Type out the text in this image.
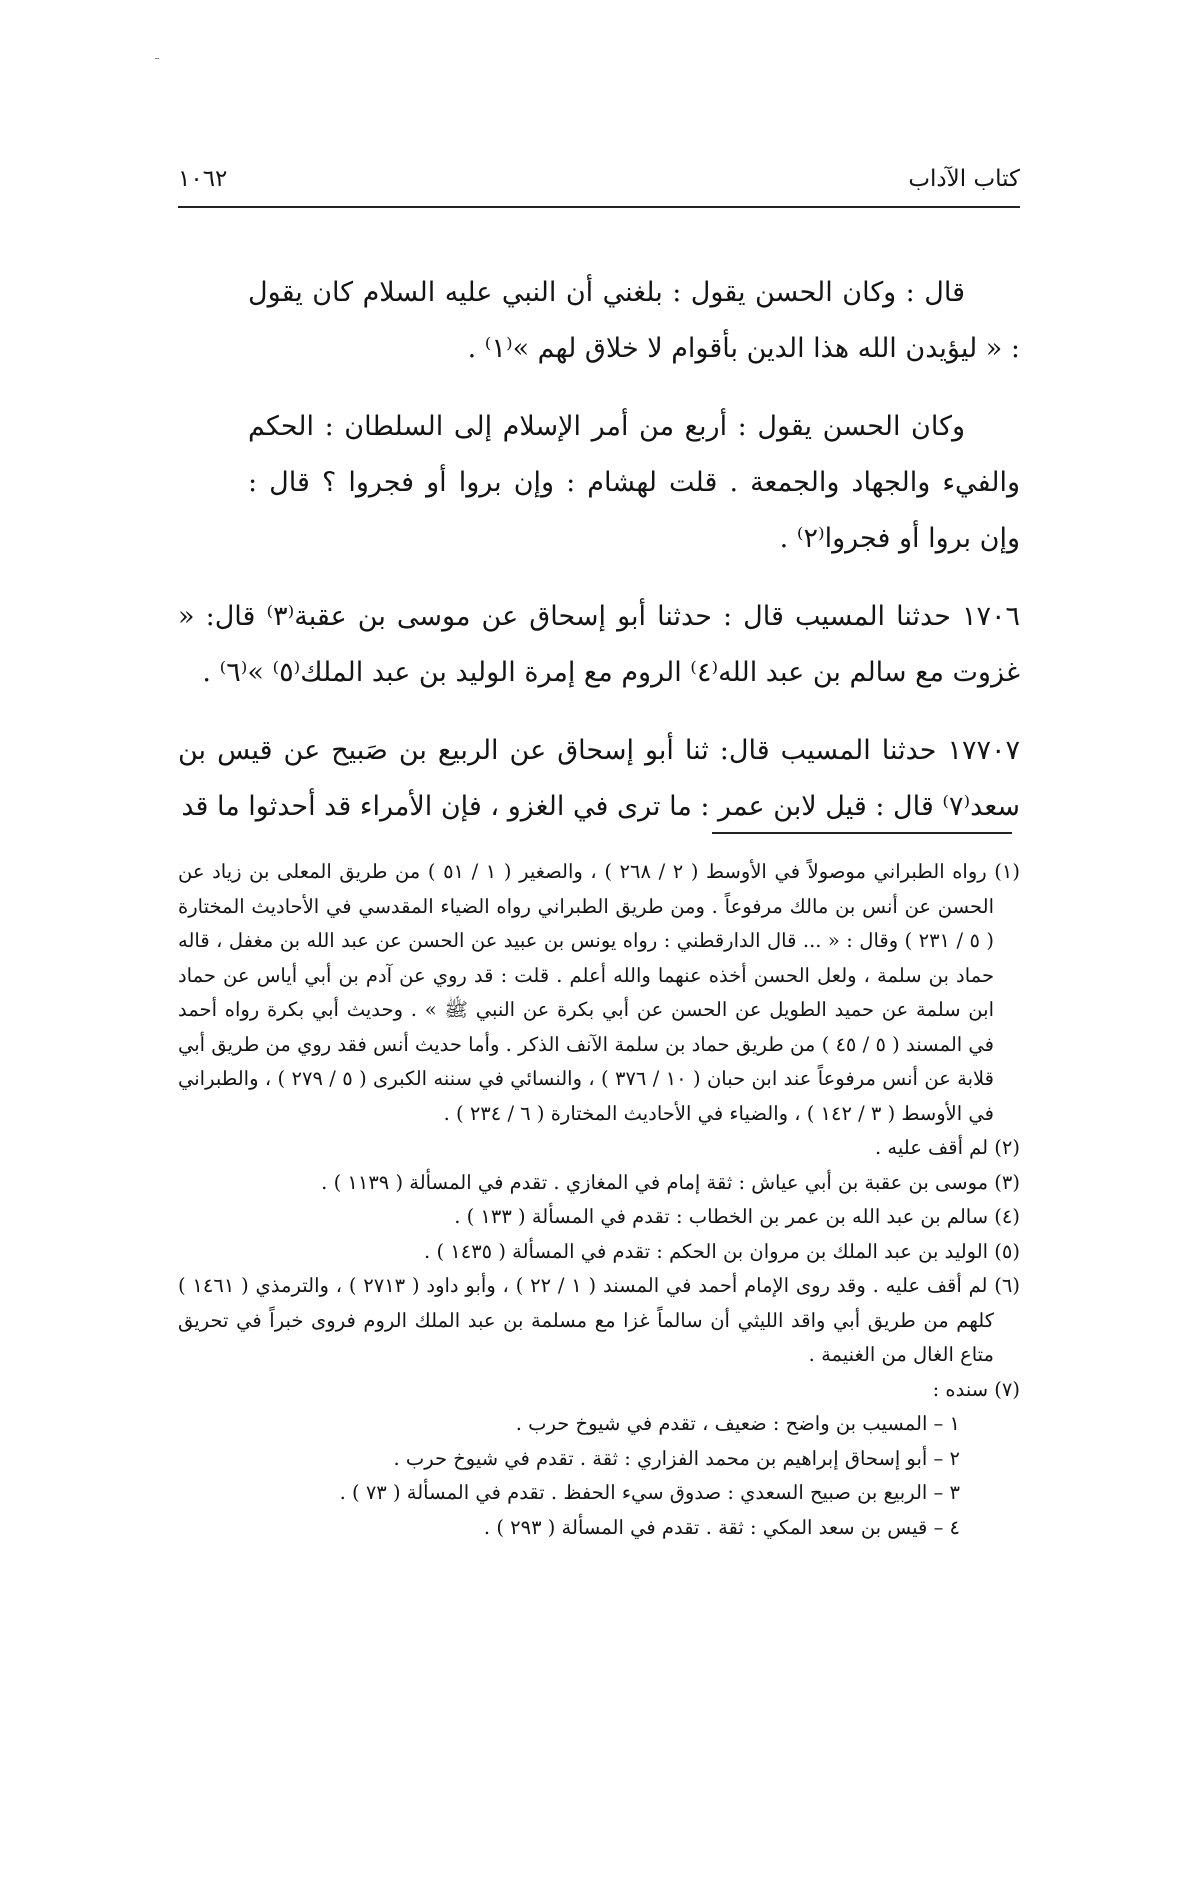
كتاب الآداب
١٠٦٢

قال : وكان الحسن يقول : بلغني أن النبي عليه السلام كان يقول : « ليؤيدن الله هذا الدين بأقوام لا خلاق لهم »⁽١⁾ .

وكان الحسن يقول : أربع من أمر الإسلام إلى السلطان : الحكم والفيء والجهاد والجمعة . قلت لهشام : وإن بروا أو فجروا ؟ قال : وإن بروا أو فجروا⁽٢⁾ .

١٧٠٦ حدثنا المسيب قال : حدثنا أبو إسحاق عن موسى بن عقبة⁽٣⁾ قال: « غزوت مع سالم بن عبد الله⁽٤⁾ الروم مع إمرة الوليد بن عبد الملك⁽٥⁾ »⁽٦⁾ .

١٧٧٠٧ حدثنا المسيب قال: ثنا أبو إسحاق عن الربيع بن صَبيح عن قيس بن سعد⁽٧⁾ قال : قيل لابن عمر : ما ترى في الغزو ، فإن الأمراء قد أحدثوا ما قد

(١) رواه الطبراني موصولاً في الأوسط ( ٢ / ٢٦٨ ) ، والصغير ( ١ / ٥١ ) من طريق المعلى بن زياد عن الحسن عن أنس بن مالك مرفوعاً . ومن طريق الطبراني رواه الضياء المقدسي في الأحاديث المختارة ( ٥ / ٢٣١ ) وقال : « ... قال الدارقطني : رواه يونس بن عبيد عن الحسن عن عبد الله بن مغفل ، قاله حماد بن سلمة ، ولعل الحسن أخذه عنهما والله أعلم . قلت : قد روي عن آدم بن أبي أياس عن حماد ابن سلمة عن حميد الطويل عن الحسن عن أبي بكرة عن النبي ﷺ » . وحديث أبي بكرة رواه أحمد في المسند ( ٥ / ٤٥ ) من طريق حماد بن سلمة الآنف الذكر . وأما حديث أنس فقد روي من طريق أبي قلابة عن أنس مرفوعاً عند ابن حبان ( ١٠ / ٣٧٦ ) ، والنسائي في سننه الكبرى ( ٥ / ٢٧٩ ) ، والطبراني في الأوسط ( ٣ / ١٤٢ ) ، والضياء في الأحاديث المختارة ( ٦ / ٢٣٤ ) .

(٢) لم أقف عليه .

(٣) موسى بن عقبة بن أبي عياش : ثقة إمام في المغازي . تقدم في المسألة ( ١١٣٩ ) .

(٤) سالم بن عبد الله بن عمر بن الخطاب : تقدم في المسألة ( ١٣٣ ) .

(٥) الوليد بن عبد الملك بن مروان بن الحكم : تقدم في المسألة ( ١٤٣٥ ) .

(٦) لم أقف عليه . وقد روى الإمام أحمد في المسند ( ١ / ٢٢ ) ، وأبو داود ( ٢٧١٣ ) ، والترمذي ( ١٤٦١ ) كلهم من طريق أبي واقد الليثي أن سالماً غزا مع مسلمة بن عبد الملك الروم فروى خبراً في تحريق متاع الغال من الغنيمة .

(٧) سنده :

١ – المسيب بن واضح : ضعيف ، تقدم في شيوخ حرب .

٢ – أبو إسحاق إبراهيم بن محمد الفزاري : ثقة . تقدم في شيوخ حرب .

٣ – الربيع بن صبيح السعدي : صدوق سيء الحفظ . تقدم في المسألة ( ٧٣ ) .

٤ – قيس بن سعد المكي : ثقة . تقدم في المسألة ( ٢٩٣ ) .
